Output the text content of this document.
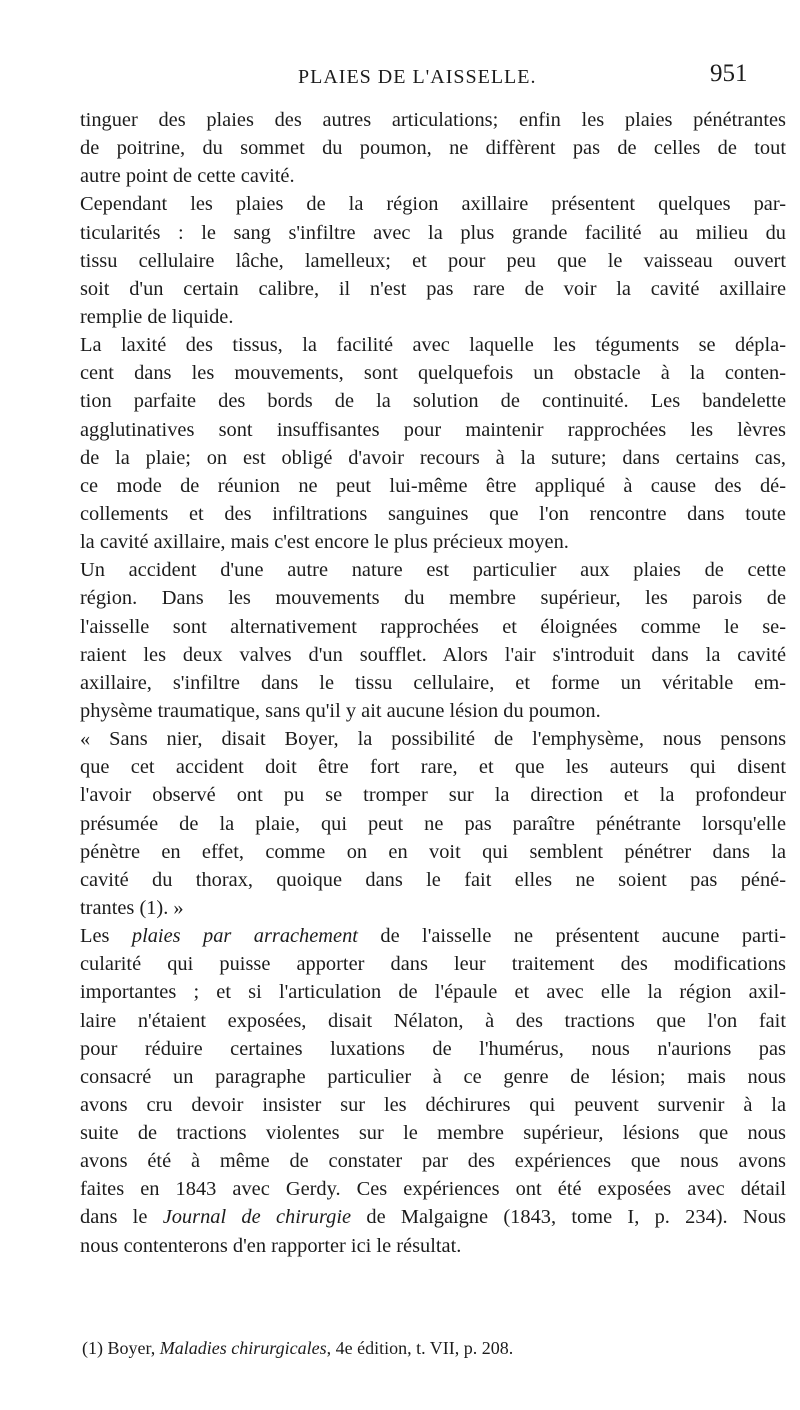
PLAIES DE L'AISSELLE.	951
tinguer des plaies des autres articulations; enfin les plaies pénétrantes
de poitrine, du sommet du poumon, ne diffèrent pas de celles de tout
autre point de cette cavité.
Cependant les plaies de la région axillaire présentent quelques par-
ticularités : le sang s'infiltre avec la plus grande facilité au milieu du
tissu cellulaire lâche, lamelleux; et pour peu que le vaisseau ouvert
soit d'un certain calibre, il n'est pas rare de voir la cavité axillaire
remplie de liquide.
La laxité des tissus, la facilité avec laquelle les téguments se dépla-
cent dans les mouvements, sont quelquefois un obstacle à la conten-
tion parfaite des bords de la solution de continuité. Les bandelette
agglutinatives sont insuffisantes pour maintenir rapprochées les lèvres
de la plaie; on est obligé d'avoir recours à la suture; dans certains cas,
ce mode de réunion ne peut lui-même être appliqué à cause des dé-
collements et des infiltrations sanguines que l'on rencontre dans toute
la cavité axillaire, mais c'est encore le plus précieux moyen.
Un accident d'une autre nature est particulier aux plaies de cette
région. Dans les mouvements du membre supérieur, les parois de
l'aisselle sont alternativement rapprochées et éloignées comme le se-
raient les deux valves d'un soufflet. Alors l'air s'introduit dans la cavité
axillaire, s'infiltre dans le tissu cellulaire, et forme un véritable em-
physème traumatique, sans qu'il y ait aucune lésion du poumon.
« Sans nier, disait Boyer, la possibilité de l'emphysème, nous pensons
que cet accident doit être fort rare, et que les auteurs qui disent
l'avoir observé ont pu se tromper sur la direction et la profondeur
présumée de la plaie, qui peut ne pas paraître pénétrante lorsqu'elle
pénètre en effet, comme on en voit qui semblent pénétrer dans la
cavité du thorax, quoique dans le fait elles ne soient pas péné-
trantes (1). »
Les plaies par arrachement de l'aisselle ne présentent aucune parti-
cularité qui puisse apporter dans leur traitement des modifications
importantes ; et si l'articulation de l'épaule et avec elle la région axil-
laire n'étaient exposées, disait Nélaton, à des tractions que l'on fait
pour réduire certaines luxations de l'humérus, nous n'aurions pas
consacré un paragraphe particulier à ce genre de lésion; mais nous
avons cru devoir insister sur les déchirures qui peuvent survenir à la
suite de tractions violentes sur le membre supérieur, lésions que nous
avons été à même de constater par des expériences que nous avons
faites en 1843 avec Gerdy. Ces expériences ont été exposées avec détail
dans le Journal de chirurgie de Malgaigne (1843, tome I, p. 234). Nous
nous contenterons d'en rapporter ici le résultat.
(1) Boyer, Maladies chirurgicales, 4e édition, t. VII, p. 208.
